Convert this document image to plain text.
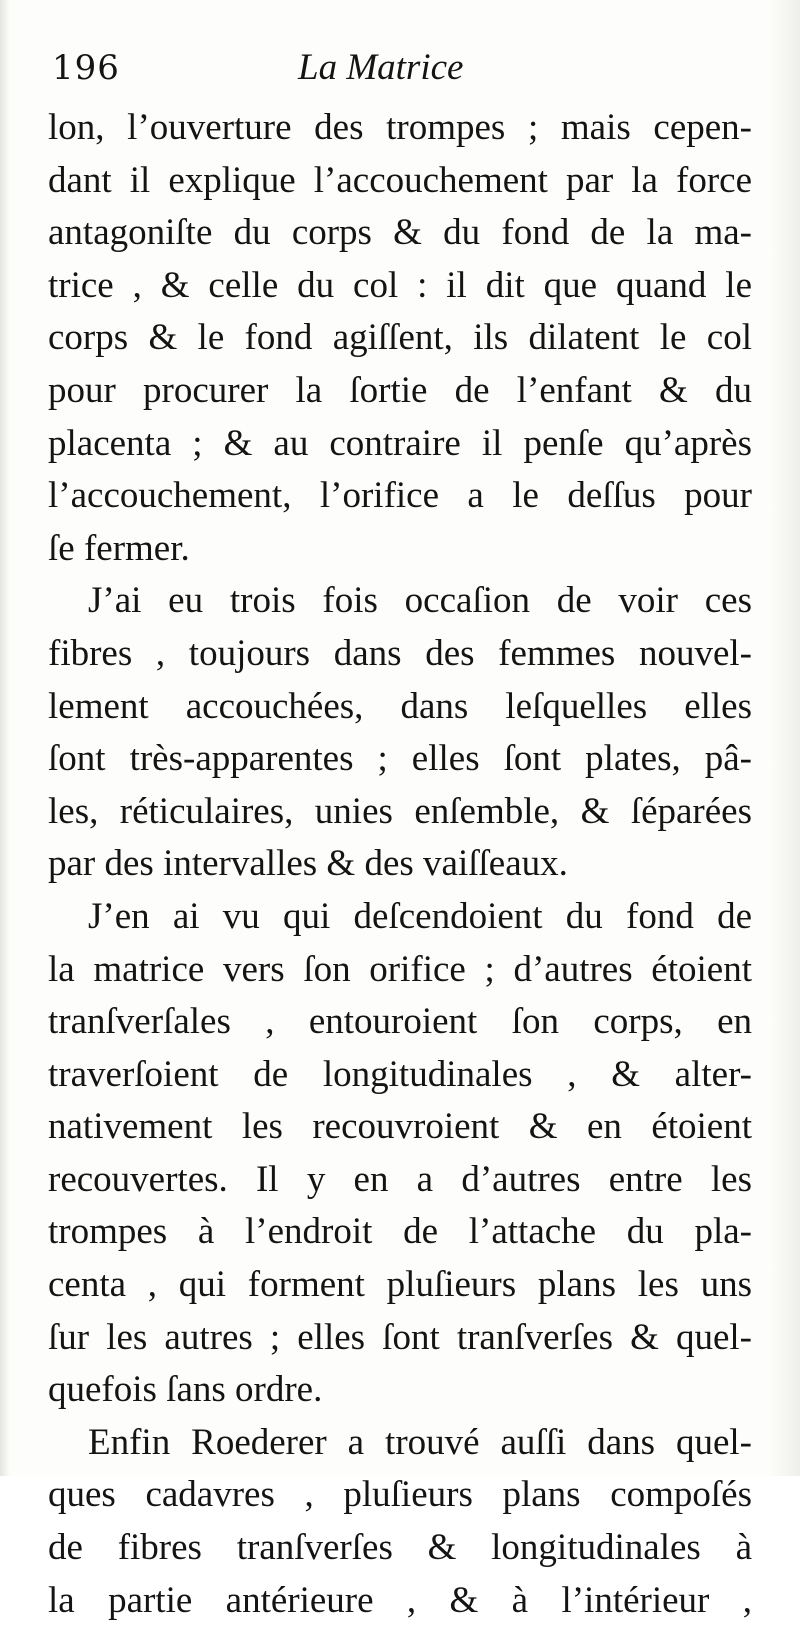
196	La Matrice
lon, l’ouverture des trompes ; mais cepen-
dant il explique l’accouchement par la force
antagoniſte du corps & du fond de la ma-
trice , & celle du col : il dit que quand le
corps & le fond agiſſent, ils dilatent le col
pour procurer la ſortie de l’enfant & du
placenta ; & au contraire il penſe qu’après
l’accouchement, l’orifice a le deſſus pour
ſe fermer.
J’ai eu trois fois occaſion de voir ces
fibres , toujours dans des femmes nouvel-
lement accouchées, dans leſquelles elles
ſont très-apparentes ; elles ſont plates, pâ-
les, réticulaires, unies enſemble, & ſéparées
par des intervalles & des vaiſſeaux.
J’en ai vu qui deſcendoient du fond de
la matrice vers ſon orifice ; d’autres étoient
tranſverſales , entouroient ſon corps, en
traverſoient de longitudinales , & alter-
nativement les recouvroient & en étoient
recouvertes. Il y en a d’autres entre les
trompes à l’endroit de l’attache du pla-
centa , qui forment pluſieurs plans les uns
ſur les autres ; elles ſont tranſverſes & quel-
quefois ſans ordre.
Enfin Roederer a trouvé auſſi dans quel-
ques cadavres , pluſieurs plans compoſés
de fibres tranſverſes & longitudinales à
la partie antérieure , & à l’intérieur ,
